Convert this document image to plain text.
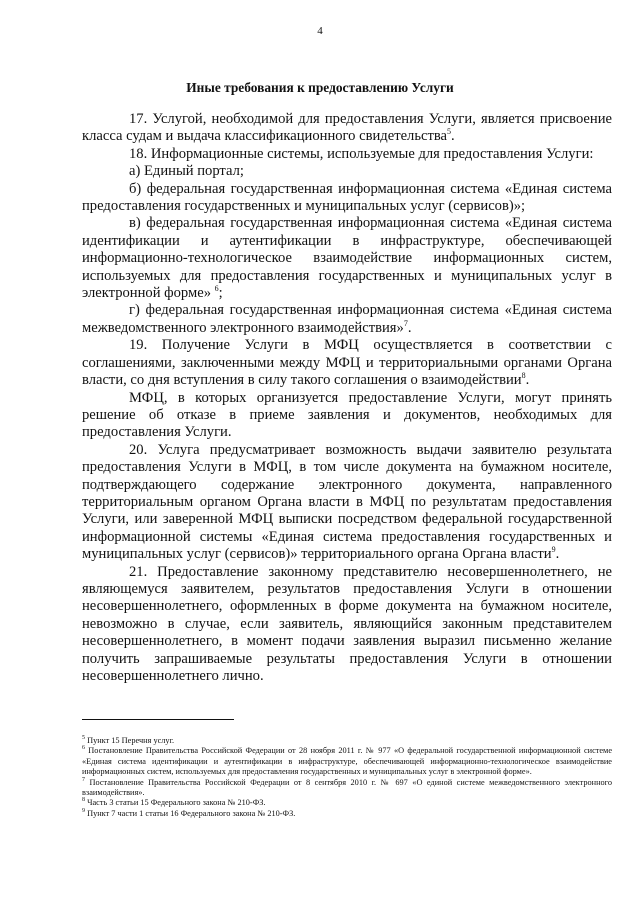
4
Иные требования к предоставлению Услуги

17. Услугой, необходимой для предоставления Услуги, является присвоение класса судам и выдача классификационного свидетельства$^5$.

18. Информационные системы, используемые для предоставления Услуги:

а) Единый портал;

б) федеральная государственная информационная система «Единая система предоставления государственных и муниципальных услуг (сервисов)»;

в) федеральная государственная информационная система «Единая система идентификации и аутентификации в инфраструктуре, обеспечивающей информационно-технологическое взаимодействие информационных систем, используемых для предоставления государственных и муниципальных услуг в электронной форме» $^6$;

г) федеральная государственная информационная система «Единая система межведомственного электронного взаимодействия»$^7$.

19. Получение Услуги в МФЦ осуществляется в соответствии с соглашениями, заключенными между МФЦ и территориальными органами Органа власти, со дня вступления в силу такого соглашения о взаимодействии$^8$.

МФЦ, в которых организуется предоставление Услуги, могут принять решение об отказе в приеме заявления и документов, необходимых для предоставления Услуги.

20. Услуга предусматривает возможность выдачи заявителю результата предоставления Услуги в МФЦ, в том числе документа на бумажном носителе, подтверждающего содержание электронного документа, направленного территориальным органом Органа власти в МФЦ по результатам предоставления Услуги, или заверенной МФЦ выписки посредством федеральной государственной информационной системы «Единая система предоставления государственных и муниципальных услуг (сервисов)» территориального органа Органа власти$^9$.

21. Предоставление законному представителю несовершеннолетнего, не являющемуся заявителем, результатов предоставления Услуги в отношении несовершеннолетнего, оформленных в форме документа на бумажном носителе, невозможно в случае, если заявитель, являющийся законным представителем несовершеннолетнего, в момент подачи заявления выразил письменно желание получить запрашиваемые результаты предоставления Услуги в отношении несовершеннолетнего лично.

$^5$ Пункт 15 Перечня услуг.

$^6$ Постановление Правительства Российской Федерации от 28 ноября 2011 г. № 977 «О федеральной государственной информационной системе «Единая система идентификации и аутентификации в инфраструктуре, обеспечивающей информационно-технологическое взаимодействие информационных систем, используемых для предоставления государственных и муниципальных услуг в электронной форме».

$^7$ Постановление Правительства Российской Федерации от 8 сентября 2010 г. № 697 «О единой системе межведомственного электронного взаимодействия».

$^8$ Часть 3 статьи 15 Федерального закона № 210-ФЗ.

$^9$ Пункт 7 части 1 статьи 16 Федерального закона № 210-ФЗ.
